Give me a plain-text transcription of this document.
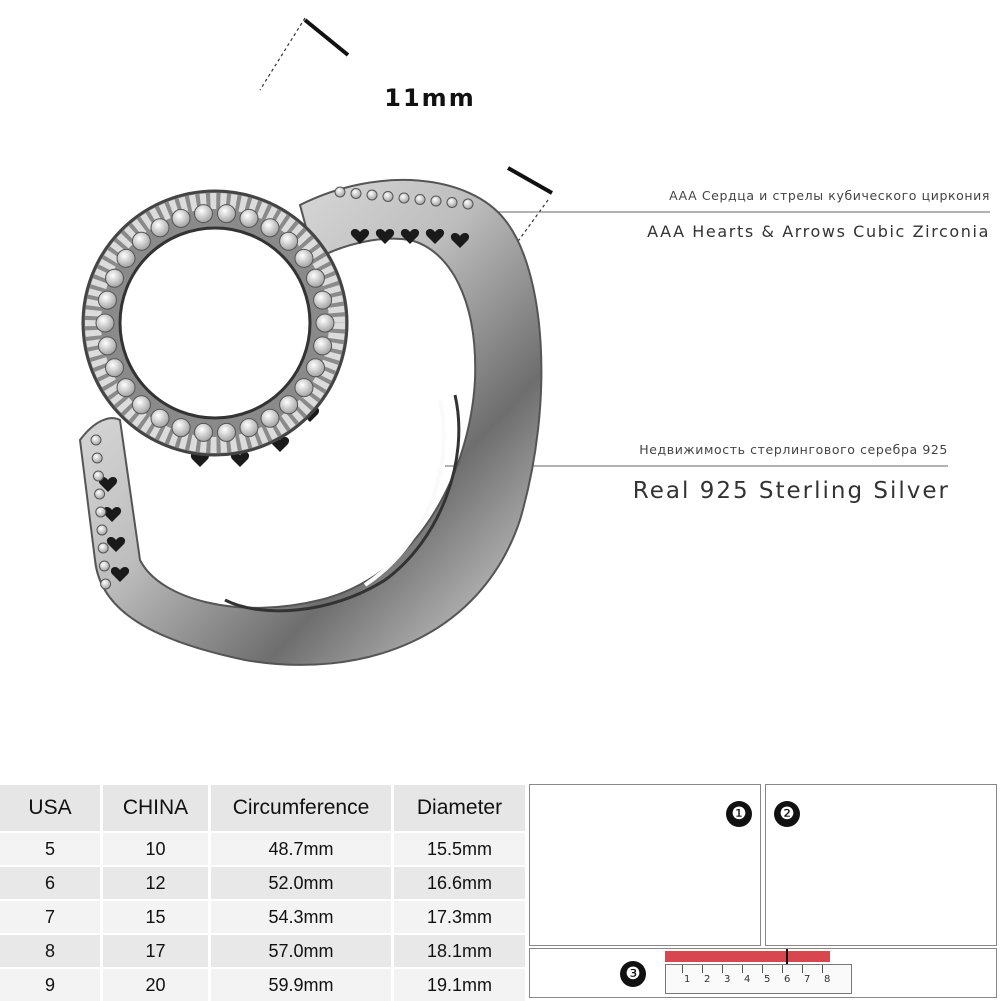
11mm
AAA Сердца и стрелы кубического циркония
AAA Hearts & Arrows Cubic Zirconia
Недвижимость стерлингового серебра 925
Real 925 Sterling Silver
USA	CHINA	Circumference	Diameter
5	10	48.7mm	15.5mm
6	12	52.0mm	16.6mm
7	15	54.3mm	17.3mm
8	17	57.0mm	18.1mm
9	20	59.9mm	19.1mm
❶	❷
❸	1 2 3 4 5 6 7 8
